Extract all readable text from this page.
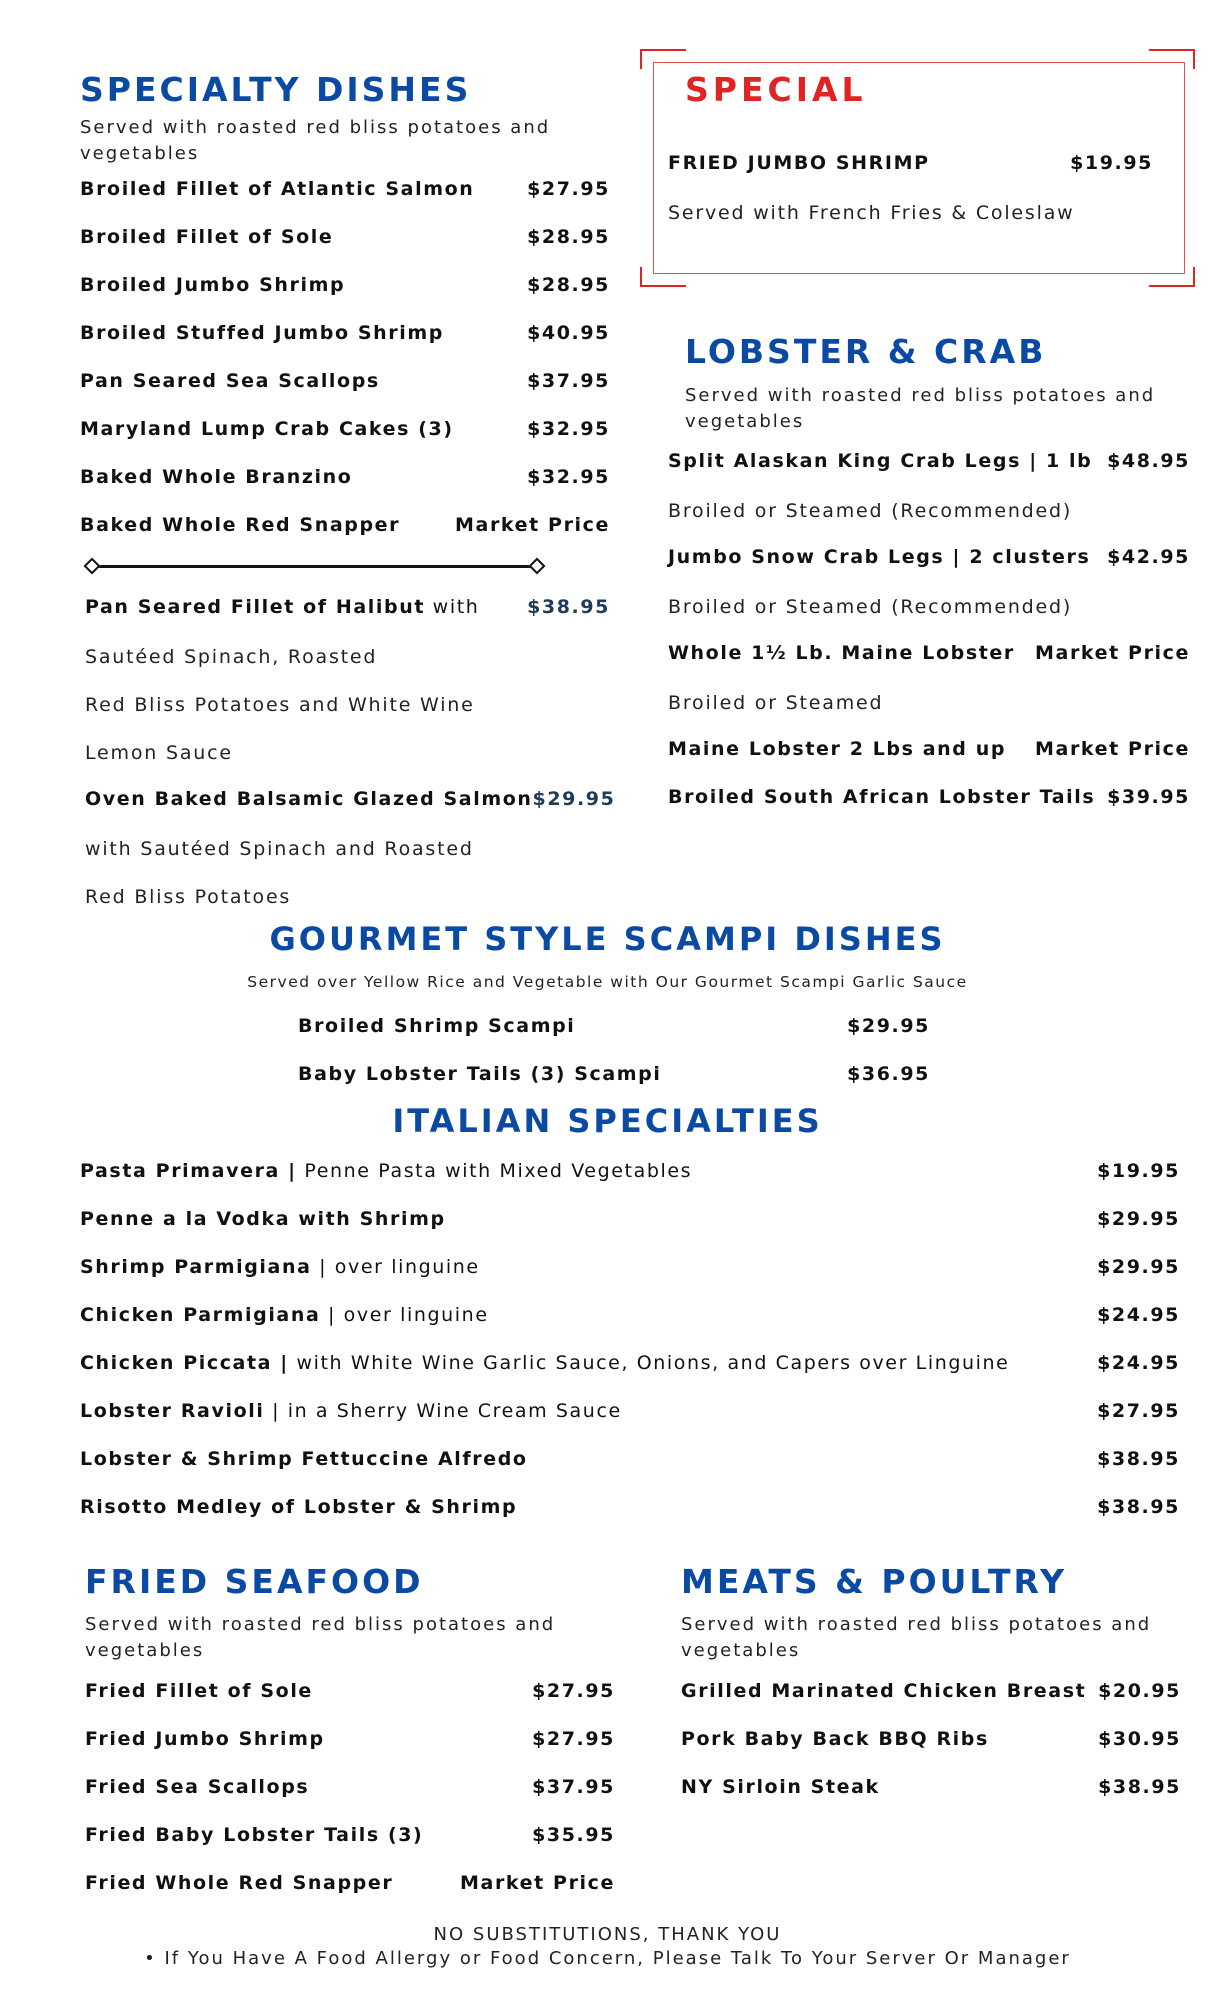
SPECIALTY DISHES
Served with roasted red bliss potatoes and vegetables
Broiled Fillet of Atlantic Salmon	$27.95
Broiled Fillet of Sole	$28.95
Broiled Jumbo Shrimp	$28.95
Broiled Stuffed Jumbo Shrimp	$40.95
Pan Seared Sea Scallops	$37.95
Maryland Lump Crab Cakes (3)	$32.95
Baked Whole Branzino	$32.95
Baked Whole Red Snapper	Market Price
Pan Seared Fillet of Halibut with	$38.95
Sautéed Spinach, Roasted
Red Bliss Potatoes and White Wine
Lemon Sauce
Oven Baked Balsamic Glazed Salmon $29.95
with Sautéed Spinach and Roasted
Red Bliss Potatoes
SPECIAL
FRIED JUMBO SHRIMP	$19.95
Served with French Fries & Coleslaw
LOBSTER & CRAB
Served with roasted red bliss potatoes and vegetables
Split Alaskan King Crab Legs | 1 lb $48.95
Broiled or Steamed (Recommended)
Jumbo Snow Crab Legs | 2 clusters $42.95
Broiled or Steamed (Recommended)
Whole 1½ Lb. Maine Lobster Market Price
Broiled or Steamed
Maine Lobster 2 Lbs and up Market Price
Broiled South African Lobster Tails $39.95
GOURMET STYLE SCAMPI DISHES
Served over Yellow Rice and Vegetable with Our Gourmet Scampi Garlic Sauce
Broiled Shrimp Scampi	$29.95
Baby Lobster Tails (3) Scampi	$36.95
ITALIAN SPECIALTIES
Pasta Primavera | Penne Pasta with Mixed Vegetables	$19.95
Penne a la Vodka with Shrimp	$29.95
Shrimp Parmigiana | over linguine	$29.95
Chicken Parmigiana | over linguine	$24.95
Chicken Piccata | with White Wine Garlic Sauce, Onions, and Capers over Linguine	$24.95
Lobster Ravioli | in a Sherry Wine Cream Sauce	$27.95
Lobster & Shrimp Fettuccine Alfredo	$38.95
Risotto Medley of Lobster & Shrimp	$38.95
FRIED SEAFOOD
Served with roasted red bliss potatoes and vegetables
Fried Fillet of Sole	$27.95
Fried Jumbo Shrimp	$27.95
Fried Sea Scallops	$37.95
Fried Baby Lobster Tails (3)	$35.95
Fried Whole Red Snapper	Market Price
MEATS & POULTRY
Served with roasted red bliss potatoes and vegetables
Grilled Marinated Chicken Breast $20.95
Pork Baby Back BBQ Ribs	$30.95
NY Sirloin Steak	$38.95
NO SUBSTITUTIONS, THANK YOU
• If You Have A Food Allergy or Food Concern, Please Talk To Your Server Or Manager
